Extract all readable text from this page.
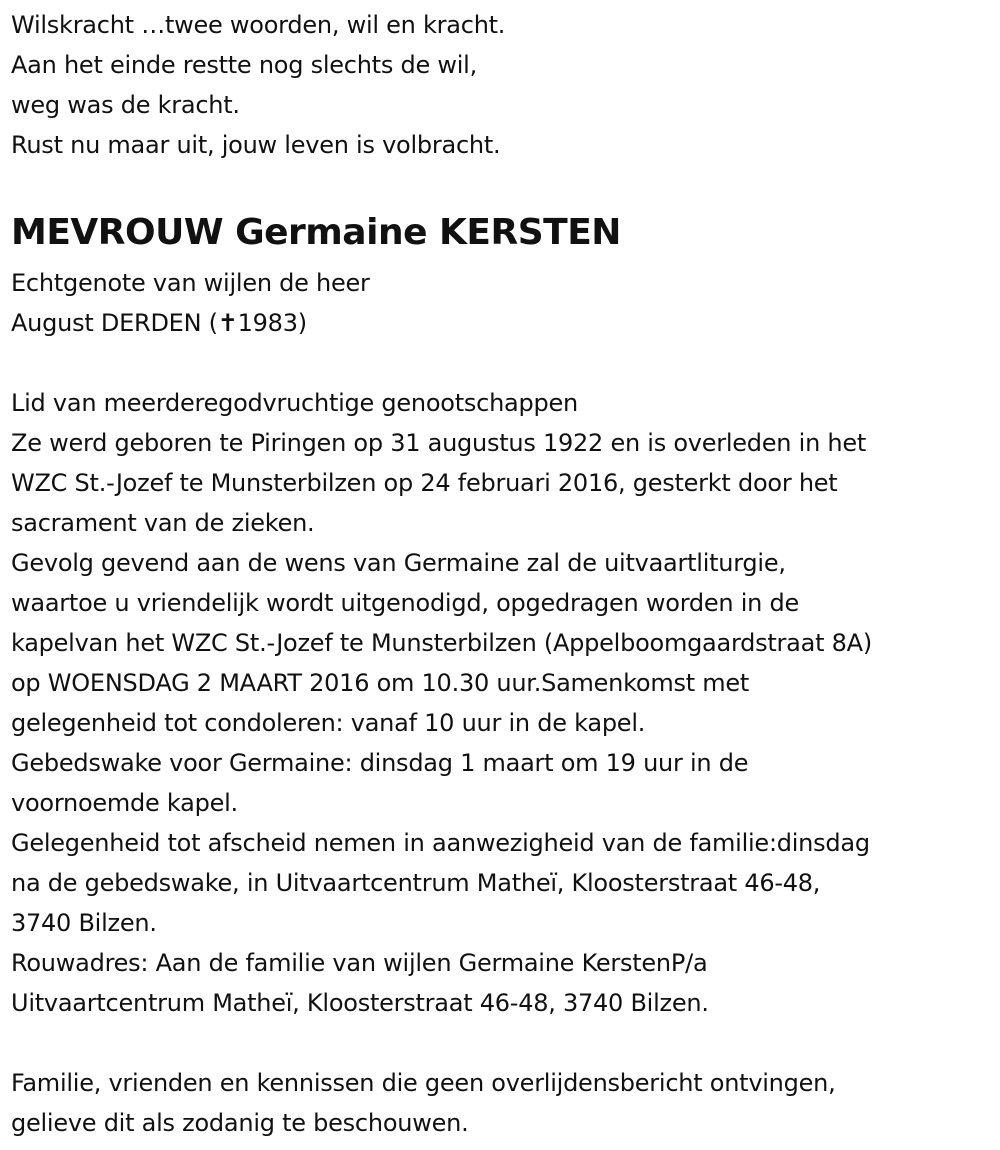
Wilskracht …twee woorden, wil en kracht.
Aan het einde restte nog slechts de wil,
weg was de kracht.
Rust nu maar uit, jouw leven is volbracht.
MEVROUW Germaine KERSTEN
Echtgenote van wijlen de heer
August DERDEN (✝1983)
Lid van meerderegodvruchtige genootschappen
Ze werd geboren te Piringen op 31 augustus 1922 en is overleden in het
WZC St.-Jozef te Munsterbilzen op 24 februari 2016, gesterkt door het
sacrament van de zieken.
Gevolg gevend aan de wens van Germaine zal de uitvaartliturgie,
waartoe u vriendelijk wordt uitgenodigd, opgedragen worden in de
kapelvan het WZC St.-Jozef te Munsterbilzen (Appelboomgaardstraat 8A)
op WOENSDAG 2 MAART 2016 om 10.30 uur.Samenkomst met
gelegenheid tot condoleren: vanaf 10 uur in de kapel.
Gebedswake voor Germaine: dinsdag 1 maart om 19 uur in de
voornoemde kapel.
Gelegenheid tot afscheid nemen in aanwezigheid van de familie:dinsdag
na de gebedswake, in Uitvaartcentrum Matheï, Kloosterstraat 46-48,
3740 Bilzen.
Rouwadres: Aan de familie van wijlen Germaine KerstenP/a
Uitvaartcentrum Matheï, Kloosterstraat 46-48, 3740 Bilzen.
Familie, vrienden en kennissen die geen overlijdensbericht ontvingen,
gelieve dit als zodanig te beschouwen.
